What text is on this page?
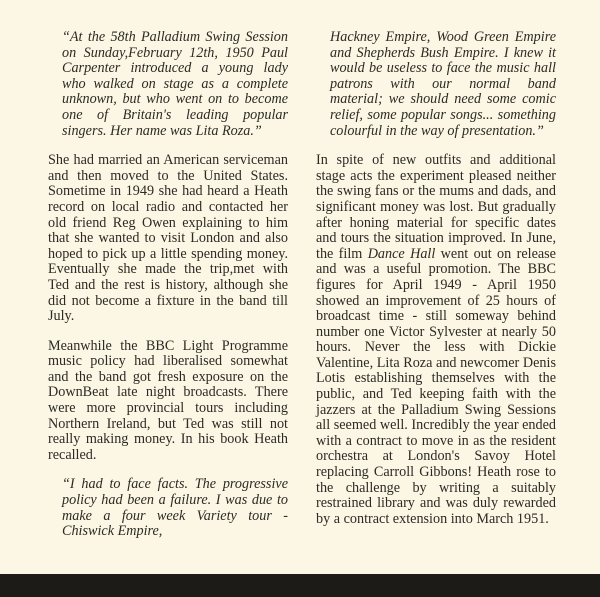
“At the 58th Palladium Swing Session on Sunday,February 12th, 1950 Paul Carpenter introduced a young lady who walked on stage as a complete unknown, but who went on to become one of Britain's leading popular singers. Her name was Lita Roza.”

She had married an American serviceman and then moved to the United States. Sometime in 1949 she had heard a Heath record on local radio and contacted her old friend Reg Owen explaining to him that she wanted to visit London and also hoped to pick up a little spending money. Eventually she made the trip,met with Ted and the rest is history, although she did not become a fixture in the band till July.

Meanwhile the BBC Light Programme music policy had liberalised somewhat and the band got fresh exposure on the DownBeat late night broadcasts. There were more provincial tours including Northern Ireland, but Ted was still not really making money. In his book Heath recalled.

“I had to face facts. The progressive policy had been a failure. I was due to make a four week Variety tour - Chiswick Empire,

Hackney Empire, Wood Green Empire and Shepherds Bush Empire. I knew it would be useless to face the music hall patrons with our normal band material; we should need some comic relief, some popular songs... something colourful in the way of presentation.”

In spite of new outfits and additional stage acts the experiment pleased neither the swing fans or the mums and dads, and significant money was lost. But gradually after honing material for specific dates and tours the situation improved. In June, the film Dance Hall went out on release and was a useful promotion. The BBC figures for April 1949 - April 1950 showed an improvement of 25 hours of broadcast time - still someway behind number one Victor Sylvester at nearly 50 hours. Never the less with Dickie Valentine, Lita Roza and newcomer Denis Lotis establishing themselves with the public, and Ted keeping faith with the jazzers at the Palladium Swing Sessions all seemed well. Incredibly the year ended with a contract to move in as the resident orchestra at London's Savoy Hotel replacing Carroll Gibbons! Heath rose to the challenge by writing a suitably restrained library and was duly rewarded by a contract extension into March 1951.
